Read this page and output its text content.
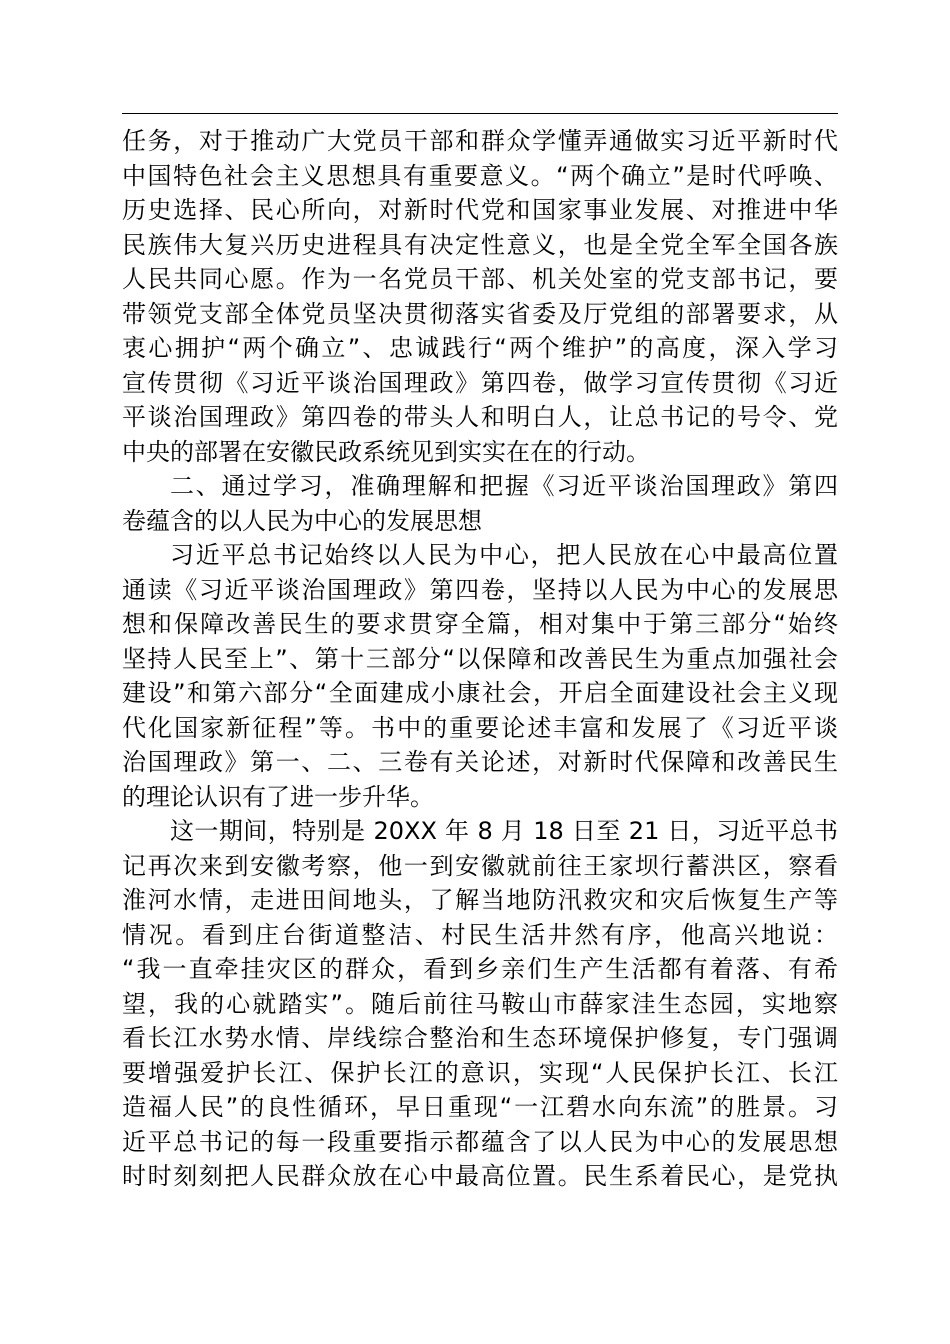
任务，对于推动广大党员干部和群众学懂弄通做实习近平新时代
中国特色社会主义思想具有重要意义。“两个确立”是时代呼唤、
历史选择、民心所向，对新时代党和国家事业发展、对推进中华
民族伟大复兴历史进程具有决定性意义，也是全党全军全国各族
人民共同心愿。作为一名党员干部、机关处室的党支部书记，要
带领党支部全体党员坚决贯彻落实省委及厅党组的部署要求，从
衷心拥护“两个确立”、忠诚践行“两个维护”的高度，深入学习
宣传贯彻《习近平谈治国理政》第四卷，做学习宣传贯彻《习近
平谈治国理政》第四卷的带头人和明白人，让总书记的号令、党
中央的部署在安徽民政系统见到实实在在的行动。
二、通过学习，准确理解和把握《习近平谈治国理政》第四
卷蕴含的以人民为中心的发展思想
习近平总书记始终以人民为中心，把人民放在心中最高位置
通读《习近平谈治国理政》第四卷，坚持以人民为中心的发展思
想和保障改善民生的要求贯穿全篇，相对集中于第三部分“始终
坚持人民至上”、第十三部分“以保障和改善民生为重点加强社会
建设”和第六部分“全面建成小康社会，开启全面建设社会主义现
代化国家新征程”等。书中的重要论述丰富和发展了《习近平谈
治国理政》第一、二、三卷有关论述，对新时代保障和改善民生
的理论认识有了进一步升华。
这一期间，特别是 20XX 年 8 月 18 日至 21 日，习近平总书
记再次来到安徽考察，他一到安徽就前往王家坝行蓄洪区，察看
淮河水情，走进田间地头，了解当地防汛救灾和灾后恢复生产等
情况。看到庄台街道整洁、村民生活井然有序，他高兴地说：
“我一直牵挂灾区的群众，看到乡亲们生产生活都有着落、有希
望，我的心就踏实”。随后前往马鞍山市薛家洼生态园，实地察
看长江水势水情、岸线综合整治和生态环境保护修复，专门强调
要增强爱护长江、保护长江的意识，实现“人民保护长江、长江
造福人民”的良性循环，早日重现“一江碧水向东流”的胜景。习
近平总书记的每一段重要指示都蕴含了以人民为中心的发展思想
时时刻刻把人民群众放在心中最高位置。民生系着民心，是党执
